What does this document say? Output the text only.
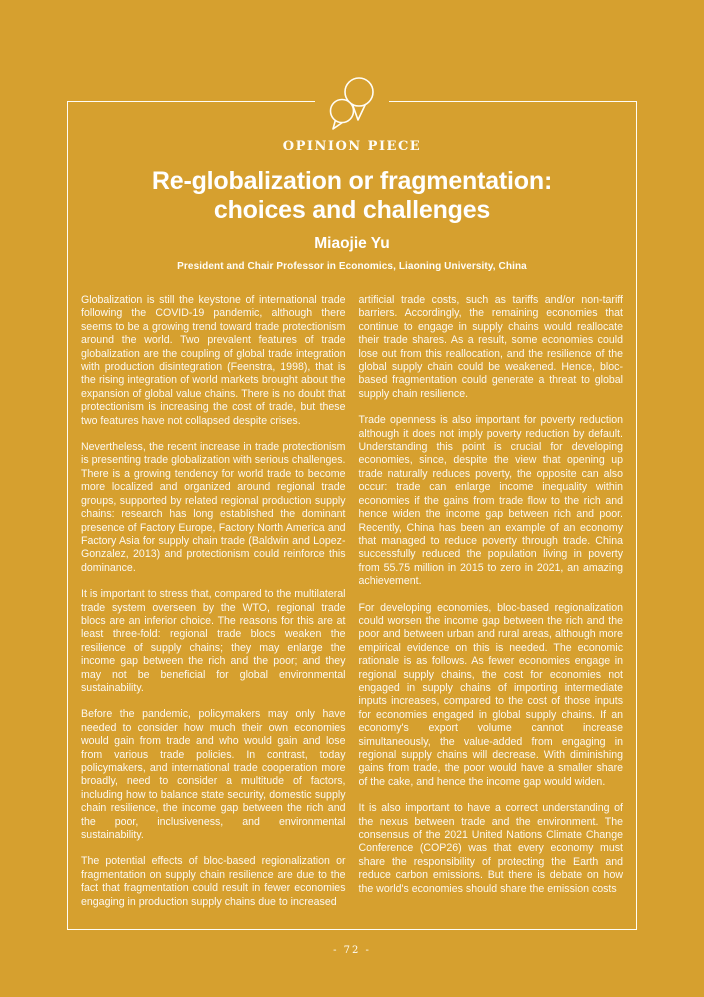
OPINION PIECE
Re-globalization or fragmentation:
choices and challenges
Miaojie Yu
President and Chair Professor in Economics, Liaoning University, China

Globalization is still the keystone of international trade following the COVID-19 pandemic, although there seems to be a growing trend toward trade protectionism around the world. Two prevalent features of trade globalization are the coupling of global trade integration with production disintegration (Feenstra, 1998), that is the rising integration of world markets brought about the expansion of global value chains. There is no doubt that protectionism is increasing the cost of trade, but these two features have not collapsed despite crises.

Nevertheless, the recent increase in trade protectionism is presenting trade globalization with serious challenges. There is a growing tendency for world trade to become more localized and organized around regional trade groups, supported by related regional production supply chains: research has long established the dominant presence of Factory Europe, Factory North America and Factory Asia for supply chain trade (Baldwin and Lopez-Gonzalez, 2013) and protectionism could reinforce this dominance.

It is important to stress that, compared to the multilateral trade system overseen by the WTO, regional trade blocs are an inferior choice. The reasons for this are at least three-fold: regional trade blocs weaken the resilience of supply chains; they may enlarge the income gap between the rich and the poor; and they may not be beneficial for global environmental sustainability.

Before the pandemic, policymakers may only have needed to consider how much their own economies would gain from trade and who would gain and lose from various trade policies. In contrast, today policymakers, and international trade cooperation more broadly, need to consider a multitude of factors, including how to balance state security, domestic supply chain resilience, the income gap between the rich and the poor, inclusiveness, and environmental sustainability.

The potential effects of bloc-based regionalization or fragmentation on supply chain resilience are due to the fact that fragmentation could result in fewer economies engaging in production supply chains due to increased

artificial trade costs, such as tariffs and/or non-tariff barriers. Accordingly, the remaining economies that continue to engage in supply chains would reallocate their trade shares. As a result, some economies could lose out from this reallocation, and the resilience of the global supply chain could be weakened. Hence, bloc-based fragmentation could generate a threat to global supply chain resilience.

Trade openness is also important for poverty reduction although it does not imply poverty reduction by default. Understanding this point is crucial for developing economies, since, despite the view that opening up trade naturally reduces poverty, the opposite can also occur: trade can enlarge income inequality within economies if the gains from trade flow to the rich and hence widen the income gap between rich and poor. Recently, China has been an example of an economy that managed to reduce poverty through trade. China successfully reduced the population living in poverty from 55.75 million in 2015 to zero in 2021, an amazing achievement.

For developing economies, bloc-based regionalization could worsen the income gap between the rich and the poor and between urban and rural areas, although more empirical evidence on this is needed. The economic rationale is as follows. As fewer economies engage in regional supply chains, the cost for economies not engaged in supply chains of importing intermediate inputs increases, compared to the cost of those inputs for economies engaged in global supply chains. If an economy's export volume cannot increase simultaneously, the value-added from engaging in regional supply chains will decrease. With diminishing gains from trade, the poor would have a smaller share of the cake, and hence the income gap would widen.

It is also important to have a correct understanding of the nexus between trade and the environment. The consensus of the 2021 United Nations Climate Change Conference (COP26) was that every economy must share the responsibility of protecting the Earth and reduce carbon emissions. But there is debate on how the world's economies should share the emission costs

- 72 -
